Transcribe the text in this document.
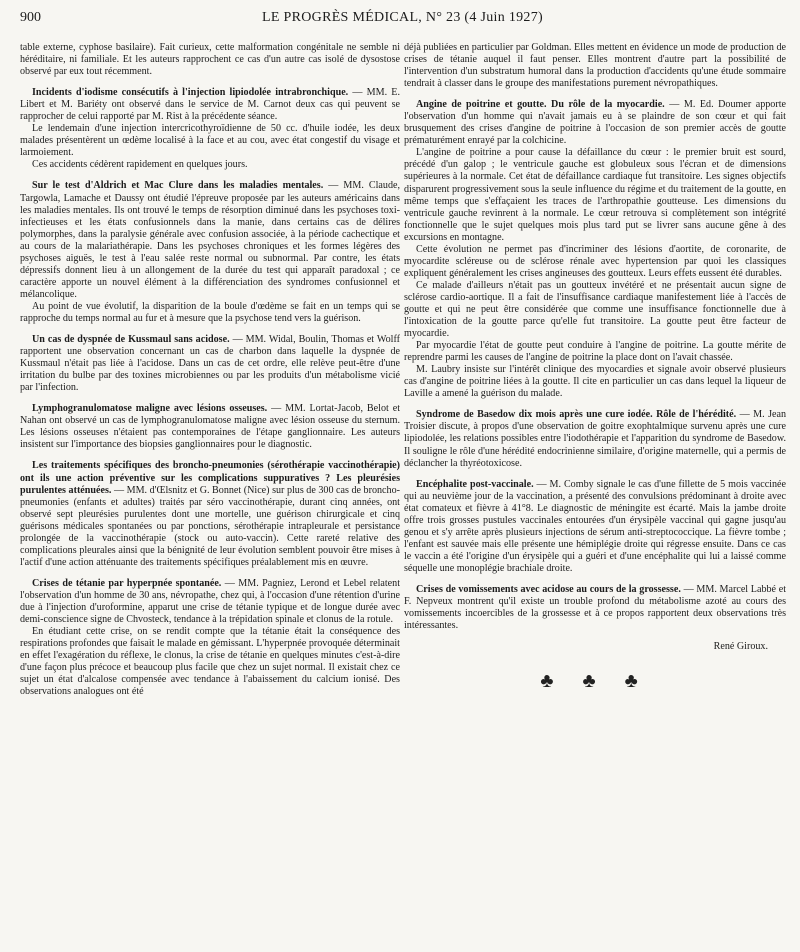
900	LE PROGRÈS MÉDICAL, N° 23 (4 Juin 1927)

table externe, cyphose basilaire). Fait curieux, cette malformation congénitale ne semble ni héréditaire, ni familiale. Et les auteurs rapprochent ce cas d'un autre cas isolé de dysostose observé par eux tout récemment.

Incidents d'iodisme consécutifs à l'injection lipiodolée intrabronchique. — MM. E. Libert et M. Bariéty ont observé dans le service de M. Carnot deux cas qui peuvent se rapprocher de celui rapporté par M. Rist à la précédente séance.

Le lendemain d'une injection intercricothyroïdienne de 50 cc. d'huile iodée, les deux malades présentèrent un œdème localisé à la face et au cou, avec état congestif du visage et larmoiement.

Ces accidents cédèrent rapidement en quelques jours.

Sur le test d'Aldrich et Mac Clure dans les maladies mentales. — MM. Claude, Targowla, Lamache et Daussy ont étudié l'épreuve proposée par les auteurs américains dans les maladies mentales. Ils ont trouvé le temps de résorption diminué dans les psychoses toxi-infectieuses et les états confusionnels dans la manie, dans certains cas de délires polymorphes, dans la paralysie générale avec confusion associée, à la période cachectique et au cours de la malariathérapie. Dans les psychoses chroniques et les formes légères des psychoses aiguës, le test à l'eau salée reste normal ou subnormal. Par contre, les états dépressifs donnent lieu à un allongement de la durée du test qui apparaît paradoxal ; ce caractère apporte un nouvel élément à la différenciation des syndromes confusionnel et mélancolique.

Au point de vue évolutif, la disparition de la boule d'œdème se fait en un temps qui se rapproche du temps normal au fur et à mesure que la psychose tend vers la guérison.

Un cas de dyspnée de Kussmaul sans acidose. — MM. Widal, Boulin, Thomas et Wolff rapportent une observation concernant un cas de charbon dans laquelle la dyspnée de Kussmaul n'était pas liée à l'acidose. Dans un cas de cet ordre, elle relève peut-être d'une irritation du bulbe par des toxines microbiennes ou par les produits d'un métabolisme vicié par l'infection.

Lymphogranulomatose maligne avec lésions osseuses. — MM. Lortat-Jacob, Belot et Nahan ont observé un cas de lymphogranulomatose maligne avec lésion osseuse du sternum. Les lésions osseuses n'étaient pas contemporaines de l'étape ganglionnaire. Les auteurs insistent sur l'importance des biopsies ganglionnaires pour le diagnostic.

Les traitements spécifiques des broncho-pneumonies (sérothérapie vaccinothérapie) ont ils une action préventive sur les complications suppuratives ? Les pleurésies purulentes atténuées. — MM. d'Œlsnitz et G. Bonnet (Nice) sur plus de 300 cas de broncho-pneumonies (enfants et adultes) traités par séro vaccinothérapie, durant cinq années, ont observé sept pleurésies purulentes dont une mortelle, une guérison chirurgicale et cinq guérisons médicales spontanées ou par ponctions, sérothérapie intrapleurale et persistance prolongée de la vaccinothérapie (stock ou auto-vaccin). Cette rareté relative des complications pleurales ainsi que la bénignité de leur évolution semblent pouvoir être mises à l'actif d'une action atténuante des traitements spécifiques préalablement mis en œuvre.

Crises de tétanie par hyperpnée spontanée. — MM. Pagniez, Lerond et Lebel relatent l'observation d'un homme de 30 ans, névropathe, chez qui, à l'occasion d'une rétention d'urine due à l'injection d'uroformine, apparut une crise de tétanie typique et de longue durée avec demi-conscience signe de Chvosteck, tendance à la trépidation spinale et clonus de la rotule.

En étudiant cette crise, on se rendit compte que la tétanie était la conséquence des respirations profondes que faisait le malade en gémissant. L'hyperpnée provoquée déterminait en effet l'exagération du réflexe, le clonus, la crise de tétanie en quelques minutes c'est-à-dire d'une façon plus précoce et beaucoup plus facile que chez un sujet normal. Il existait chez ce sujet un état d'alcalose compensée avec tendance à l'abaissement du calcium ionisé. Des observations analogues ont été

déjà publiées en particulier par Goldman. Elles mettent en évidence un mode de production de crises de tétanie auquel il faut penser. Elles montrent d'autre part la possibilité de l'intervention d'un substratum humoral dans la production d'accidents qu'une étude sommaire tendrait à classer dans le groupe des manifestations purement névropathiques.

Angine de poitrine et goutte. Du rôle de la myocardie. — M. Ed. Doumer apporte l'observation d'un homme qui n'avait jamais eu à se plaindre de son cœur et qui fait brusquement des crises d'angine de poitrine à l'occasion de son premier accès de goutte prématurément enrayé par la colchicine.

L'angine de poitrine a pour cause la défaillance du cœur : le premier bruit est sourd, précédé d'un galop ; le ventricule gauche est globuleux sous l'écran et de dimensions supérieures à la normale. Cet état de défaillance cardiaque fut transitoire. Les signes objectifs disparurent progressivement sous la seule influence du régime et du traitement de la goutte, en même temps que s'effaçaient les traces de l'arthropathie goutteuse. Les dimensions du ventricule gauche revinrent à la normale. Le cœur retrouva si complètement son intégrité fonctionnelle que le sujet quelques mois plus tard put se livrer sans aucune gêne à des excursions en montagne.

Cette évolution ne permet pas d'incriminer des lésions d'aortite, de coronarite, de myocardite scléreuse ou de sclérose rénale avec hypertension par quoi les classiques expliquent généralement les crises angineuses des goutteux. Leurs effets eussent été durables.

Ce malade d'ailleurs n'était pas un goutteux invétéré et ne présentait aucun signe de sclérose cardio-aortique. Il a fait de l'insuffisance cardiaque manifestement liée à l'accès de goutte et qui ne peut être considérée que comme une insuffisance fonctionnelle due à l'intoxication de la goutte parce qu'elle fut transitoire. La goutte peut être facteur de myocardie.

Par myocardie l'état de goutte peut conduire à l'angine de poitrine. La goutte mérite de reprendre parmi les causes de l'angine de poitrine la place dont on l'avait chassée.

M. Laubry insiste sur l'intérêt clinique des myocardies et signale avoir observé plusieurs cas d'angine de poitrine liées à la goutte. Il cite en particulier un cas dans lequel la liqueur de Laville a amené la guérison du malade.

Syndrome de Basedow dix mois après une cure iodée. Rôle de l'hérédité. — M. Jean Troisier discute, à propos d'une observation de goitre exophtalmique survenu après une cure lipiodolée, les relations possibles entre l'iodothérapie et l'apparition du syndrome de Basedow. Il souligne le rôle d'une hérédité endocrinienne similaire, d'origine maternelle, qui a permis de déclancher la thyréotoxicose.

Encéphalite post-vaccinale. — M. Comby signale le cas d'une fillette de 5 mois vaccinée qui au neuvième jour de la vaccination, a présenté des convulsions prédominant à droite avec état comateux et fièvre à 41°8. Le diagnostic de méningite est écarté. Mais la jambe droite offre trois grosses pustules vaccinales entourées d'un érysipèle vaccinal qui gagne jusqu'au genou et s'y arrête après plusieurs injections de sérum anti-streptococcique. La fièvre tombe ; l'enfant est sauvée mais elle présente une hémiplégie droite qui régresse ensuite. Dans ce cas le vaccin a été l'origine d'un érysipèle qui a guéri et d'une encéphalite qui lui a laissé comme séquelle une monoplégie brachiale droite.

Crises de vomissements avec acidose au cours de la grossesse. — MM. Marcel Labbé et F. Nepveux montrent qu'il existe un trouble profond du métabolisme azoté au cours des vomissements incoercibles de la grossesse et à ce propos rapportent deux observations très intéressantes.

René Giroux.
♣ ♣ ♣
